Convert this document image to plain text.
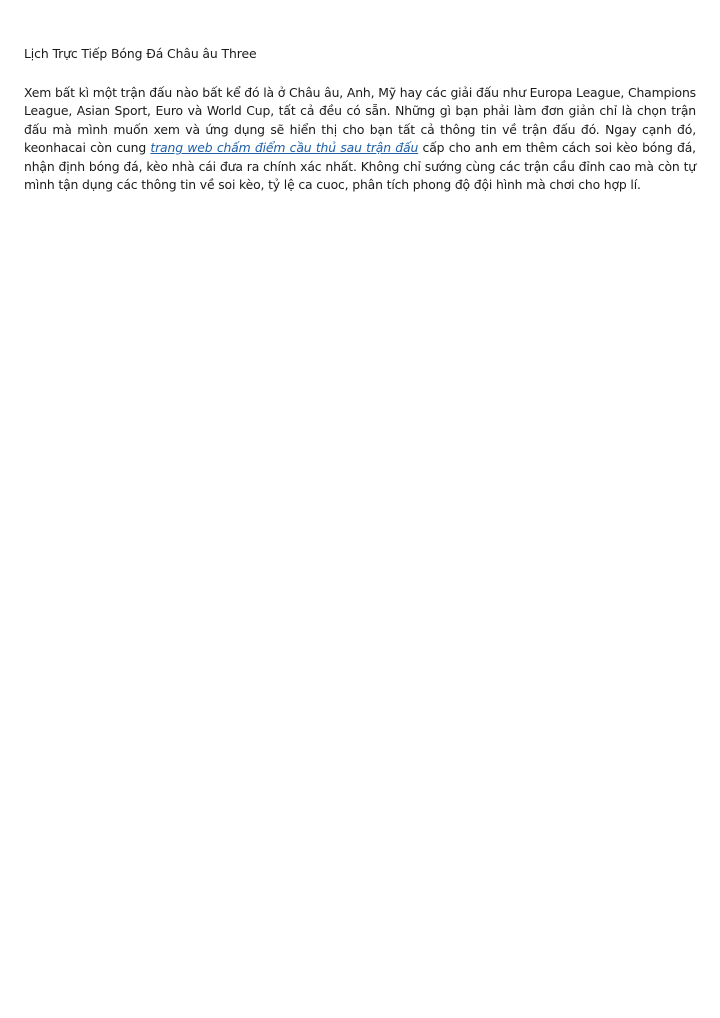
Lịch Trực Tiếp Bóng Đá Châu âu Three

Xem bất kì một trận đấu nào bất kể đó là ở Châu âu, Anh, Mỹ hay các giải đấu như Europa League, Champions League, Asian Sport, Euro và World Cup, tất cả đều có sẵn. Những gì bạn phải làm đơn giản chỉ là chọn trận đấu mà mình muốn xem và ứng dụng sẽ hiển thị cho bạn tất cả thông tin về trận đấu đó. Ngay cạnh đó, keonhacai còn cung trang web chấm điểm cầu thủ sau trận đấu cấp cho anh em thêm cách soi kèo bóng đá, nhận định bóng đá, kèo nhà cái đưa ra chính xác nhất. Không chỉ sướng cùng các trận cầu đỉnh cao mà còn tự mình tận dụng các thông tin về soi kèo, tỷ lệ ca cuoc, phân tích phong độ đội hình mà chơi cho hợp lí.
